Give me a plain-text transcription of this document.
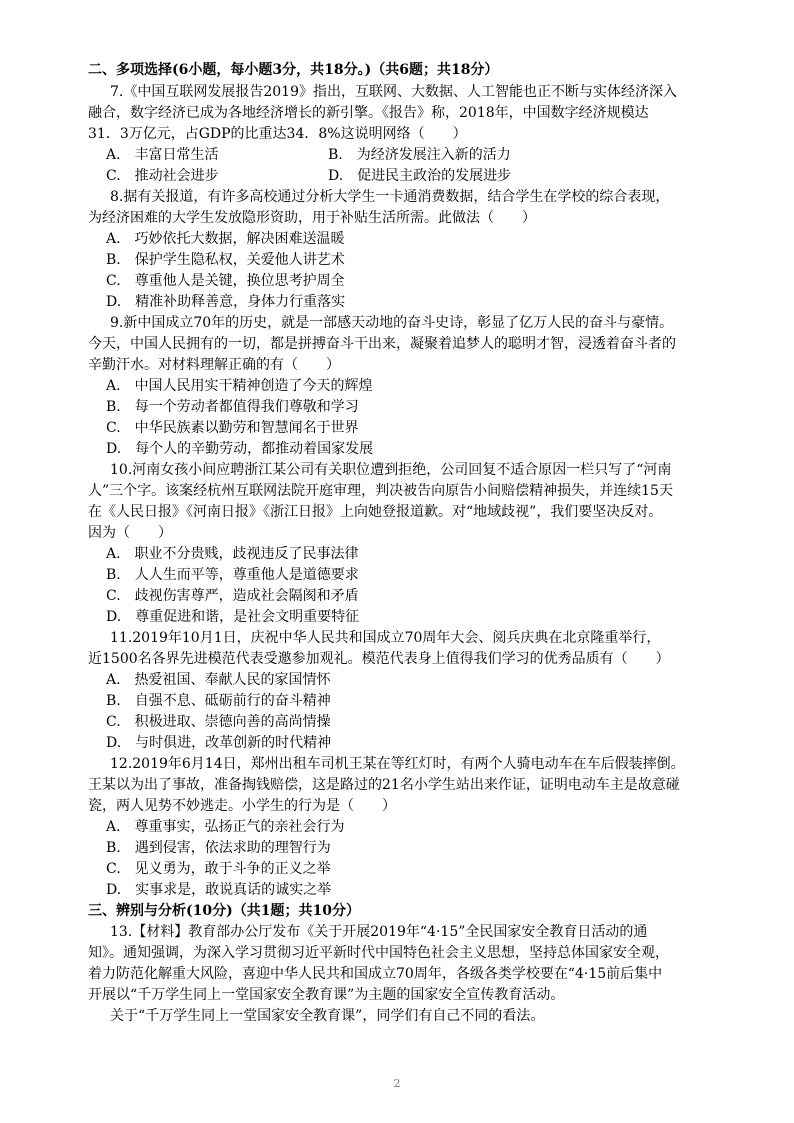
二、多项选择(6小题，每小题3分，共18分。)（共6题；共18分）
7.《中国互联网发展报告2019》指出，互联网、大数据、人工智能也正不断与实体经济深入
融合，数字经济已成为各地经济增长的新引擎。《报告》称，2018年，中国数字经济规模达
31．3万亿元，占GDP的比重达34．8%这说明网络（　　）
A.　丰富日常生活	B.　为经济发展注入新的活力
C.　推动社会进步	D.　促进民主政治的发展进步
8.据有关报道，有许多高校通过分析大学生一卡通消费数据，结合学生在学校的综合表现，
为经济困难的大学生发放隐形资助，用于补贴生活所需。此做法（　　）
A.　巧妙依托大数据，解决困难送温暖
B.　保护学生隐私权，关爱他人讲艺术
C.　尊重他人是关键，换位思考护周全
D.　精准补助释善意，身体力行重落实
9.新中国成立70年的历史，就是一部感天动地的奋斗史诗，彰显了亿万人民的奋斗与豪情。
今天，中国人民拥有的一切，都是拼搏奋斗干出来，凝聚着追梦人的聪明才智，浸透着奋斗者的
辛勤汗水。对材料理解正确的有（　　）
A.　中国人民用实干精神创造了今天的辉煌
B.　每一个劳动者都值得我们尊敬和学习
C.　中华民族素以勤劳和智慧闻名于世界
D.　每个人的辛勤劳动，都推动着国家发展
10.河南女孩小间应聘浙江某公司有关职位遭到拒绝，公司回复不适合原因一栏只写了“河南
人”三个字。该案经杭州互联网法院开庭审理，判决被告向原告小间赔偿精神损失，并连续15天
在《人民日报》《河南日报》《浙江日报》上向她登报道歉。对“地域歧视”，我们要坚决反对。
因为（　　）
A.　职业不分贵贱，歧视违反了民事法律
B.　人人生而平等，尊重他人是道德要求
C.　歧视伤害尊严，造成社会隔阂和矛盾
D.　尊重促进和谐，是社会文明重要特征
11.2019年10月1日，庆祝中华人民共和国成立70周年大会、阅兵庆典在北京隆重举行，
近1500名各界先进模范代表受邀参加观礼。模范代表身上值得我们学习的优秀品质有（　　）
A.　热爱祖国、奉献人民的家国情怀
B.　自强不息、砥砺前行的奋斗精神
C.　积极进取、崇德向善的高尚情操
D.　与时俱进，改革创新的时代精神
12.2019年6月14日，郑州出租车司机王某在等红灯时，有两个人骑电动车在车后假装摔倒。
王某以为出了事故，准备掏钱赔偿，这是路过的21名小学生站出来作证，证明电动车主是故意碰
瓷，两人见势不妙逃走。小学生的行为是（　　）
A.　尊重事实，弘扬正气的亲社会行为
B.　遇到侵害，依法求助的理智行为
C.　见义勇为，敢于斗争的正义之举
D.　实事求是，敢说真话的诚实之举
三、辨别与分析(10分)（共1题；共10分）
13.【材料】教育部办公厅发布《关于开展2019年“4·15”全民国家安全教育日活动的通
知》。通知强调，为深入学习贯彻习近平新时代中国特色社会主义思想，坚持总体国家安全观，
着力防范化解重大风险，喜迎中华人民共和国成立70周年，各级各类学校要在“4·15前后集中
开展以“千万学生同上一堂国家安全教育课”为主题的国家安全宣传教育活动。
关于“千万学生同上一堂国家安全教育课”，同学们有自己不同的看法。
2
